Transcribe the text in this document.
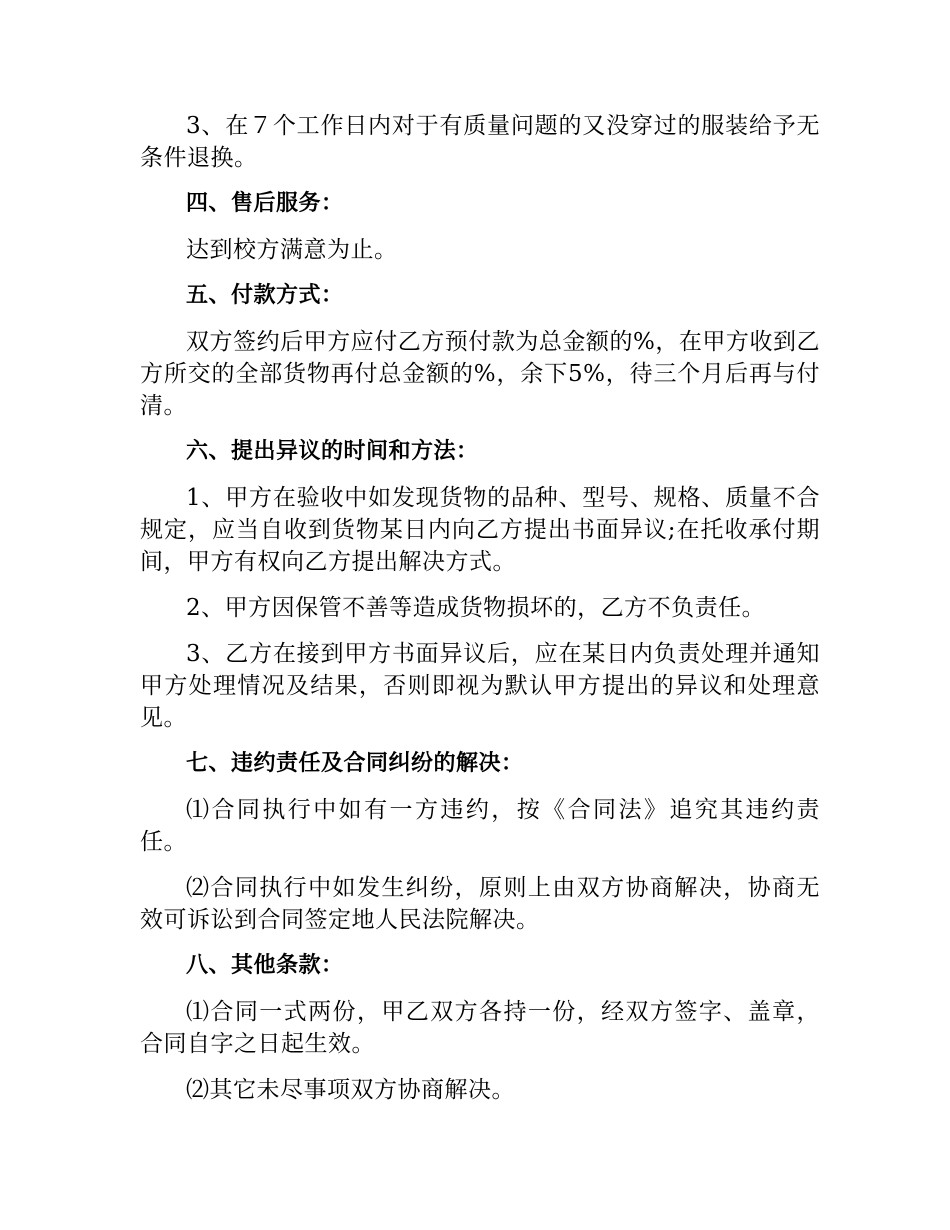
3、在７个工作日内对于有质量问题的又没穿过的服装给予无条件退换。

四、售后服务：

达到校方满意为止。

五、付款方式：

双方签约后甲方应付乙方预付款为总金额的%，在甲方收到乙方所交的全部货物再付总金额的%，余下5%，待三个月后再与付清。

六、提出异议的时间和方法：

1、甲方在验收中如发现货物的品种、型号、规格、质量不合规定，应当自收到货物某日内向乙方提出书面异议;在托收承付期间，甲方有权向乙方提出解决方式。

2、甲方因保管不善等造成货物损坏的，乙方不负责任。

3、乙方在接到甲方书面异议后，应在某日内负责处理并通知甲方处理情况及结果，否则即视为默认甲方提出的异议和处理意见。

七、违约责任及合同纠纷的解决：

⑴合同执行中如有一方违约，按《合同法》追究其违约责任。

⑵合同执行中如发生纠纷，原则上由双方协商解决，协商无效可诉讼到合同签定地人民法院解决。

八、其他条款：

⑴合同一式两份，甲乙双方各持一份，经双方签字、盖章，合同自字之日起生效。

⑵其它未尽事项双方协商解决。
